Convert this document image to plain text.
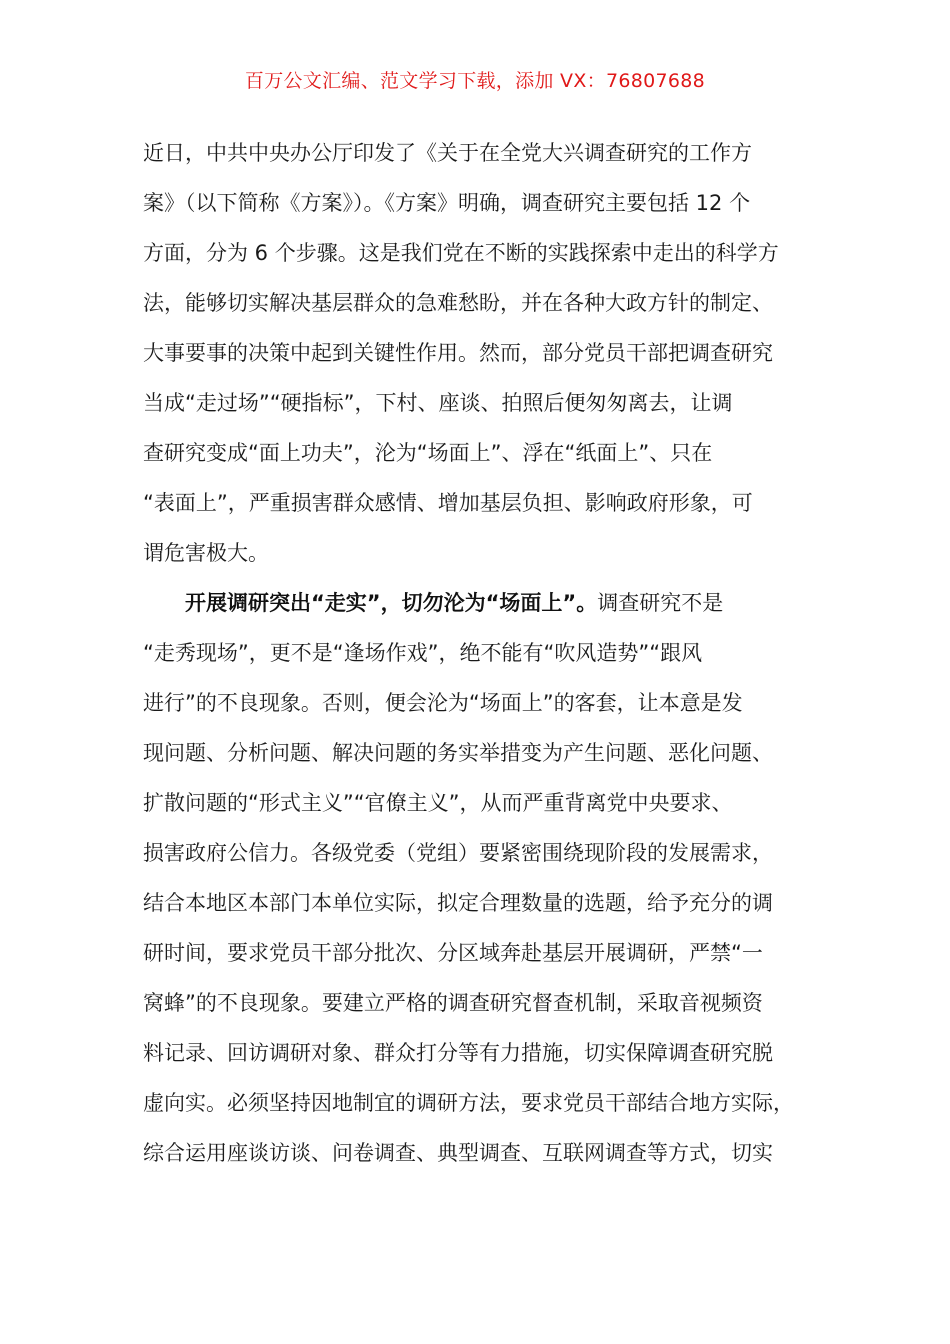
百万公文汇编、范文学习下载，添加 VX：76807688
近日，中共中央办公厅印发了《关于在全党大兴调查研究的工作方
案》（以下简称《方案》）。《方案》明确，调查研究主要包括 12 个
方面，分为 6 个步骤。这是我们党在不断的实践探索中走出的科学方
法，能够切实解决基层群众的急难愁盼，并在各种大政方针的制定、
大事要事的决策中起到关键性作用。然而，部分党员干部把调查研究
当成“走过场”“硬指标”，下村、座谈、拍照后便匆匆离去，让调
查研究变成“面上功夫”，沦为“场面上”、浮在“纸面上”、只在
“表面上”，严重损害群众感情、增加基层负担、影响政府形象，可
谓危害极大。
开展调研突出“走实”，切勿沦为“场面上”。调查研究不是
“走秀现场”，更不是“逢场作戏”，绝不能有“吹风造势”“跟风
进行”的不良现象。否则，便会沦为“场面上”的客套，让本意是发
现问题、分析问题、解决问题的务实举措变为产生问题、恶化问题、
扩散问题的“形式主义”“官僚主义”，从而严重背离党中央要求、
损害政府公信力。各级党委（党组）要紧密围绕现阶段的发展需求，
结合本地区本部门本单位实际，拟定合理数量的选题，给予充分的调
研时间，要求党员干部分批次、分区域奔赴基层开展调研，严禁“一
窝蜂”的不良现象。要建立严格的调查研究督查机制，采取音视频资
料记录、回访调研对象、群众打分等有力措施，切实保障调查研究脱
虚向实。必须坚持因地制宜的调研方法，要求党员干部结合地方实际，
综合运用座谈访谈、问卷调查、典型调查、互联网调查等方式，切实
